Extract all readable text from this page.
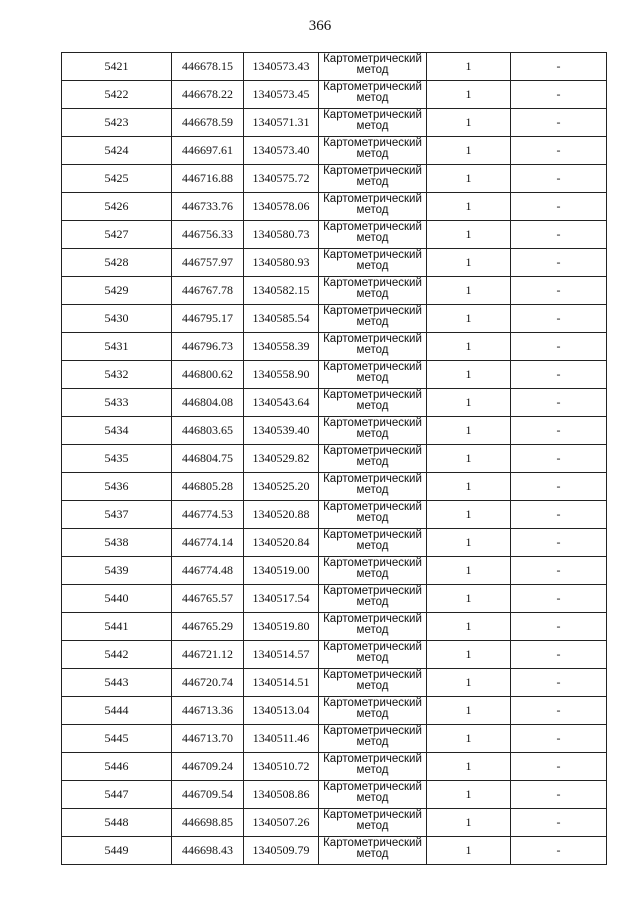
366
5421	446678.15	1340573.43	Картометрический
метод	1	-
5422	446678.22	1340573.45	Картометрический
метод	1	-
5423	446678.59	1340571.31	Картометрический
метод	1	-
5424	446697.61	1340573.40	Картометрический
метод	1	-
5425	446716.88	1340575.72	Картометрический
метод	1	-
5426	446733.76	1340578.06	Картометрический
метод	1	-
5427	446756.33	1340580.73	Картометрический
метод	1	-
5428	446757.97	1340580.93	Картометрический
метод	1	-
5429	446767.78	1340582.15	Картометрический
метод	1	-
5430	446795.17	1340585.54	Картометрический
метод	1	-
5431	446796.73	1340558.39	Картометрический
метод	1	-
5432	446800.62	1340558.90	Картометрический
метод	1	-
5433	446804.08	1340543.64	Картометрический
метод	1	-
5434	446803.65	1340539.40	Картометрический
метод	1	-
5435	446804.75	1340529.82	Картометрический
метод	1	-
5436	446805.28	1340525.20	Картометрический
метод	1	-
5437	446774.53	1340520.88	Картометрический
метод	1	-
5438	446774.14	1340520.84	Картометрический
метод	1	-
5439	446774.48	1340519.00	Картометрический
метод	1	-
5440	446765.57	1340517.54	Картометрический
метод	1	-
5441	446765.29	1340519.80	Картометрический
метод	1	-
5442	446721.12	1340514.57	Картометрический
метод	1	-
5443	446720.74	1340514.51	Картометрический
метод	1	-
5444	446713.36	1340513.04	Картометрический
метод	1	-
5445	446713.70	1340511.46	Картометрический
метод	1	-
5446	446709.24	1340510.72	Картометрический
метод	1	-
5447	446709.54	1340508.86	Картометрический
метод	1	-
5448	446698.85	1340507.26	Картометрический
метод	1	-
5449	446698.43	1340509.79	Картометрический
метод	1	-
